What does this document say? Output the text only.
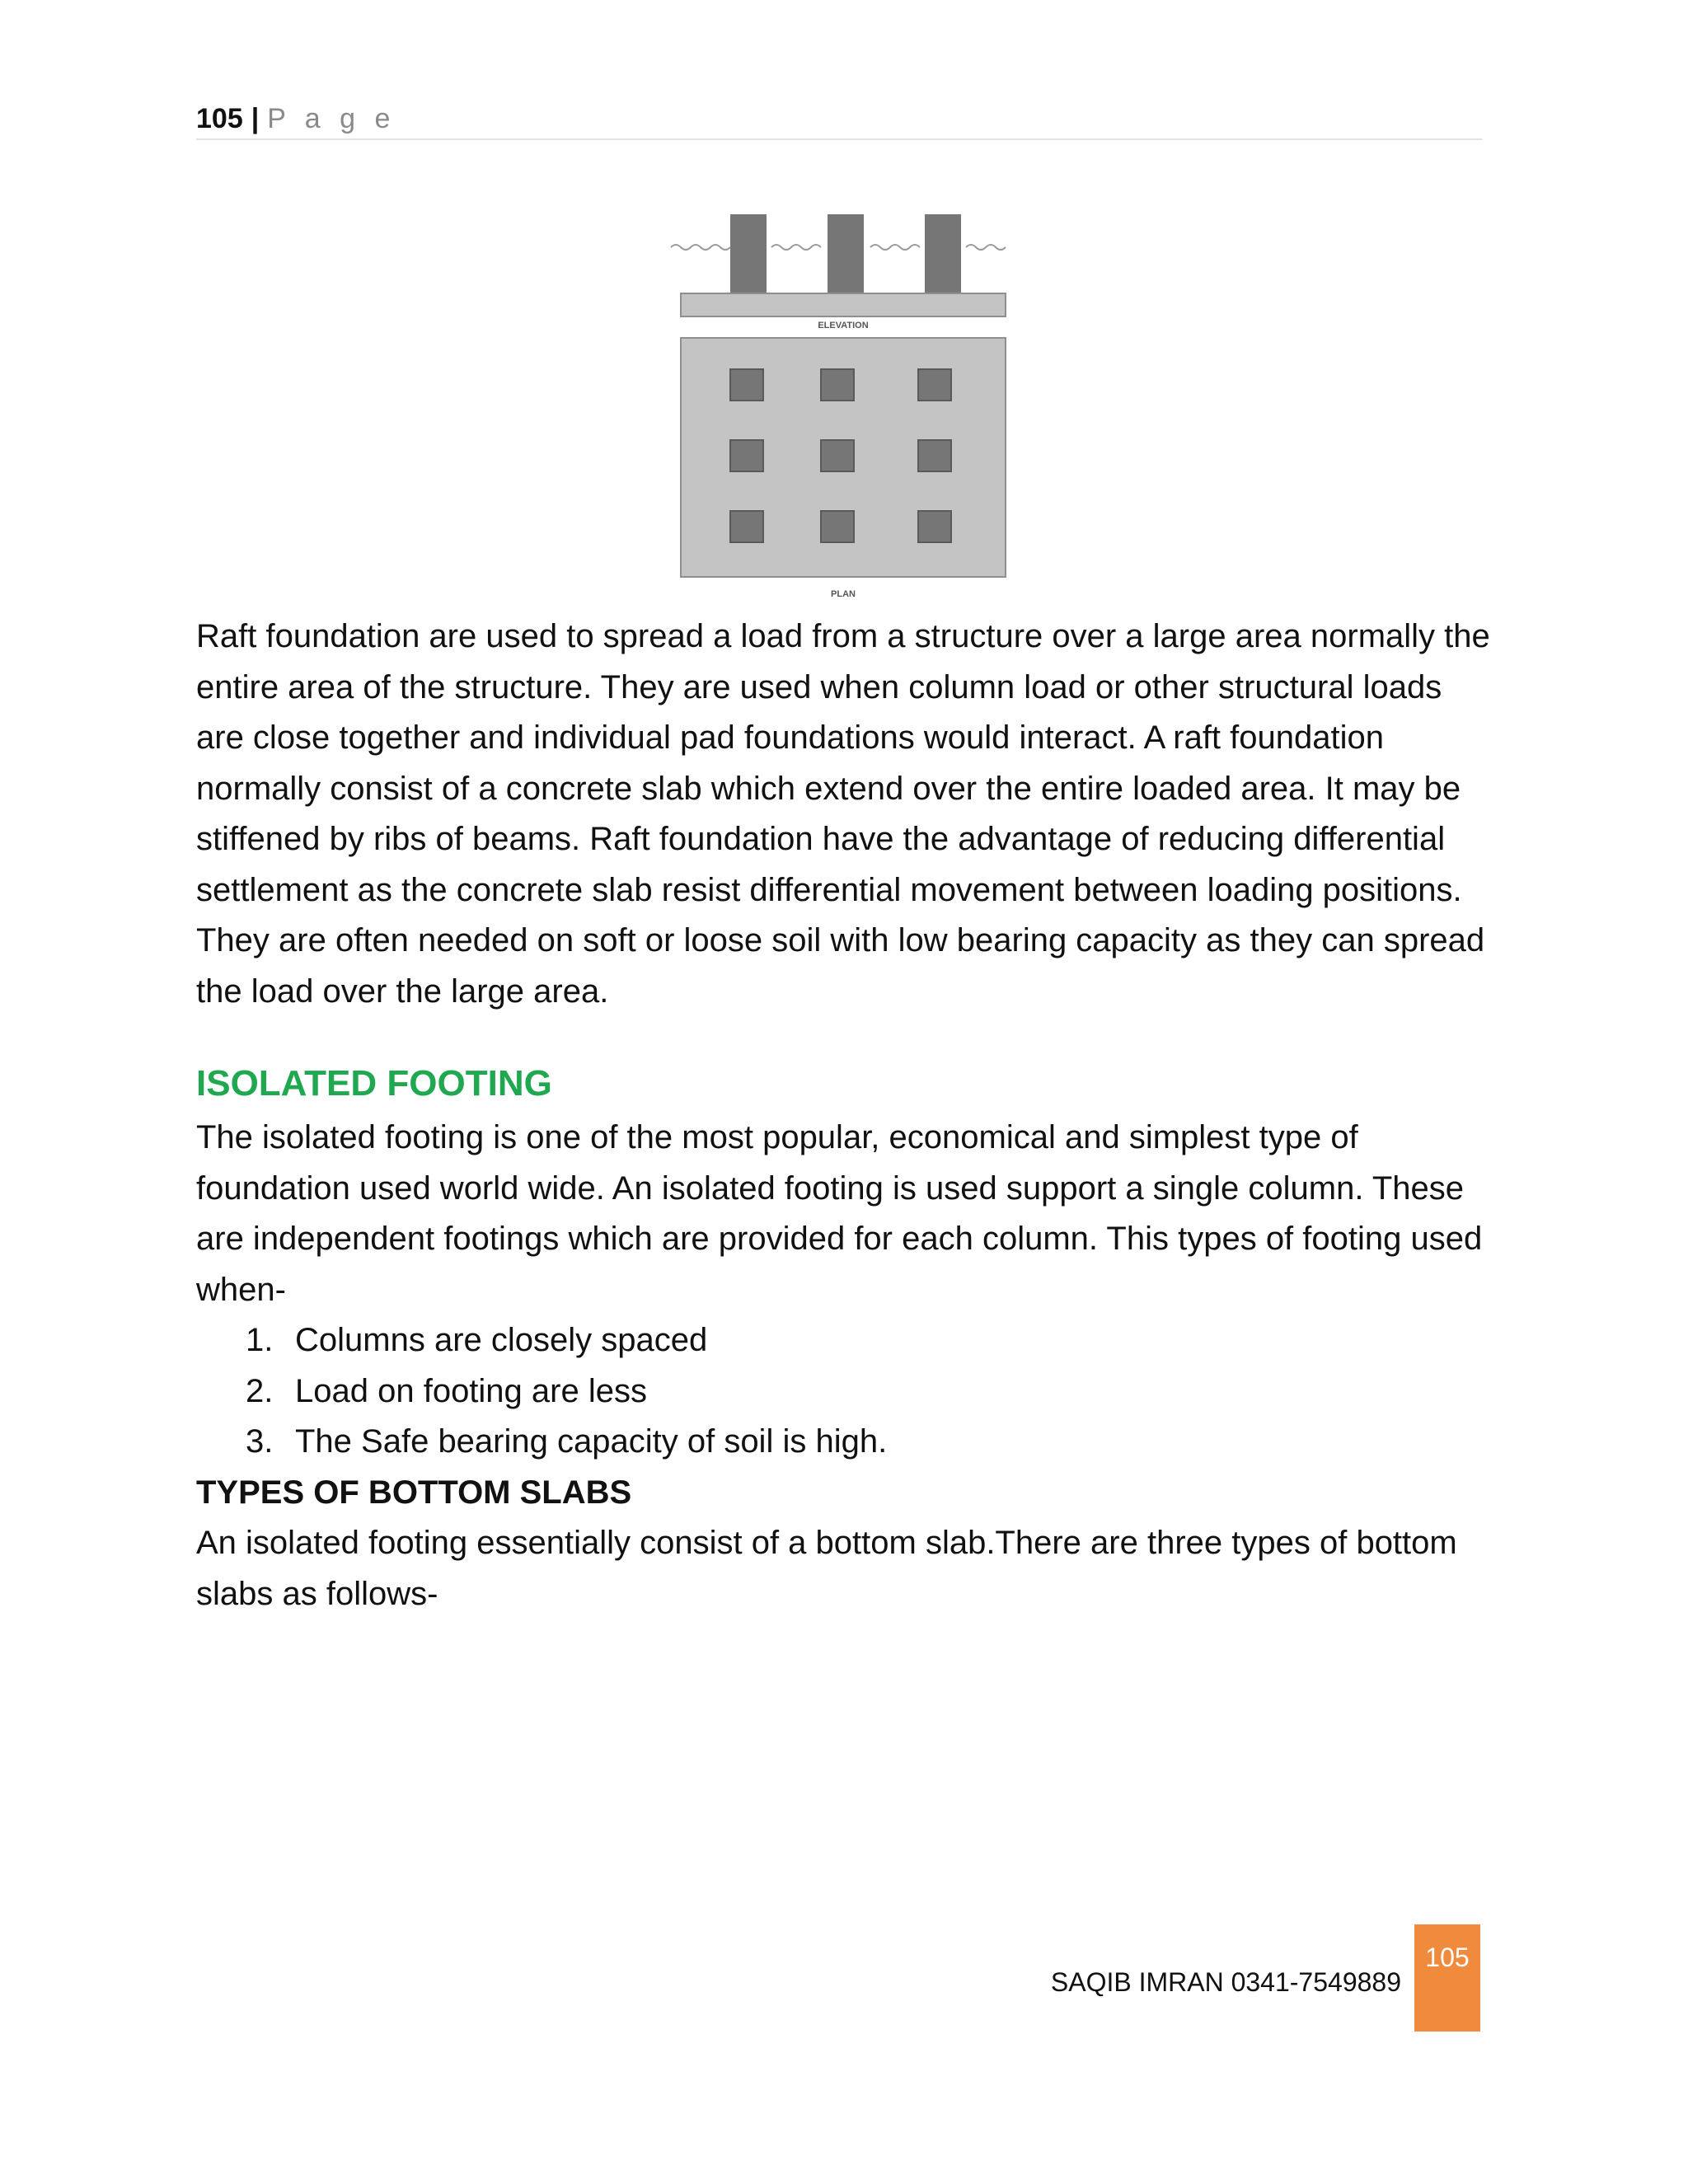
105 | P a g e
ELEVATION
PLAN

Raft foundation are used to spread a load from a structure over a large area normally the entire area of the structure. They are used when column load or other structural loads are close together and individual pad foundations would interact. A raft foundation normally consist of a concrete slab which extend over the entire loaded area. It may be stiffened by ribs of beams. Raft foundation have the advantage of reducing differential settlement as the concrete slab resist differential movement between loading positions. They are often needed on soft or loose soil with low bearing capacity as they can spread the load over the large area.

ISOLATED FOOTING

The isolated footing is one of the most popular, economical and simplest type of foundation used world wide. An isolated footing is used support a single column. These are independent footings which are provided for each column. This types of footing used when-

1. Columns are closely spaced
2. Load on footing are less
3. The Safe bearing capacity of soil is high.
TYPES OF BOTTOM SLABS

An isolated footing essentially consist of a bottom slab.There are three types of bottom slabs as follows-

SAQIB IMRAN 0341-7549889
105
